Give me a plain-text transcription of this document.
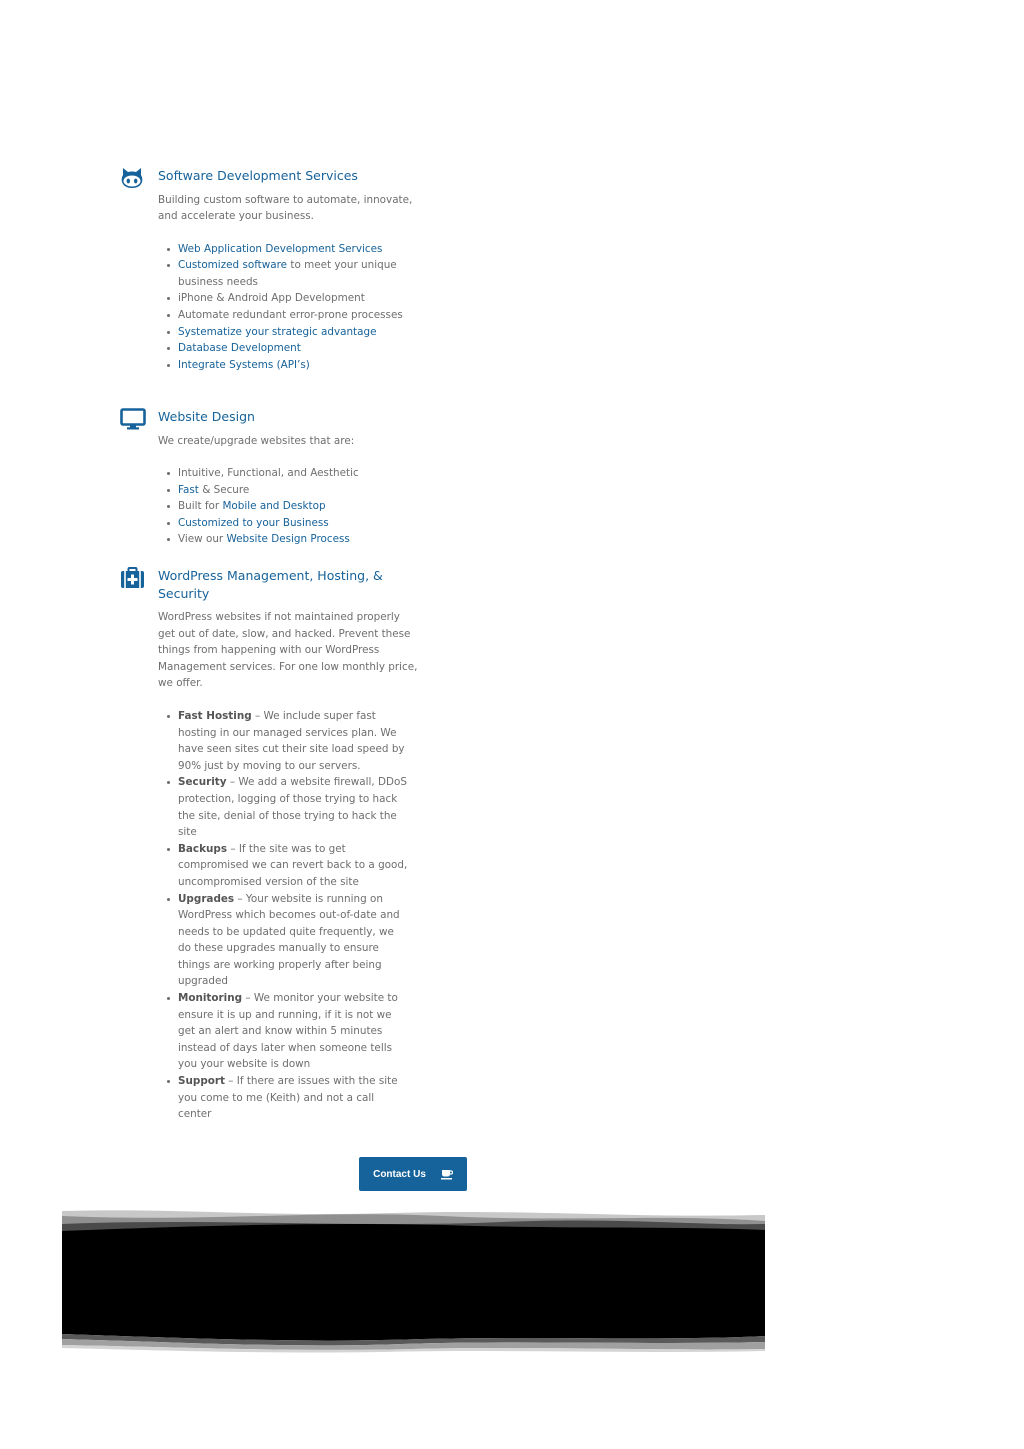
Software Development Services

Building custom software to automate, innovate, and accelerate your business.

Web Application Development Services
Customized software to meet your unique business needs
iPhone & Android App Development
Automate redundant error-prone processes
Systematize your strategic advantage
Database Development
Integrate Systems (API’s)
Website Design

We create/upgrade websites that are:

Intuitive, Functional, and Aesthetic
Fast & Secure
Built for Mobile and Desktop
Customized to your Business
View our Website Design Process
WordPress Management, Hosting, & Security

WordPress websites if not maintained properly get out of date, slow, and hacked. Prevent these things from happening with our WordPress Management services. For one low monthly price, we offer.

Fast Hosting – We include super fast hosting in our managed services plan. We have seen sites cut their site load speed by 90% just by moving to our servers.
Security – We add a website firewall, DDoS protection, logging of those trying to hack the site, denial of those trying to hack the site
Backups – If the site was to get compromised we can revert back to a good, uncompromised version of the site
Upgrades – Your website is running on WordPress which becomes out-of-date and needs to be updated quite frequently, we do these upgrades manually to ensure things are working properly after being upgraded
Monitoring – We monitor your website to ensure it is up and running, if it is not we get an alert and know within 5 minutes instead of days later when someone tells you your website is down
Support – If there are issues with the site you come to me (Keith) and not a call center
Contact Us
